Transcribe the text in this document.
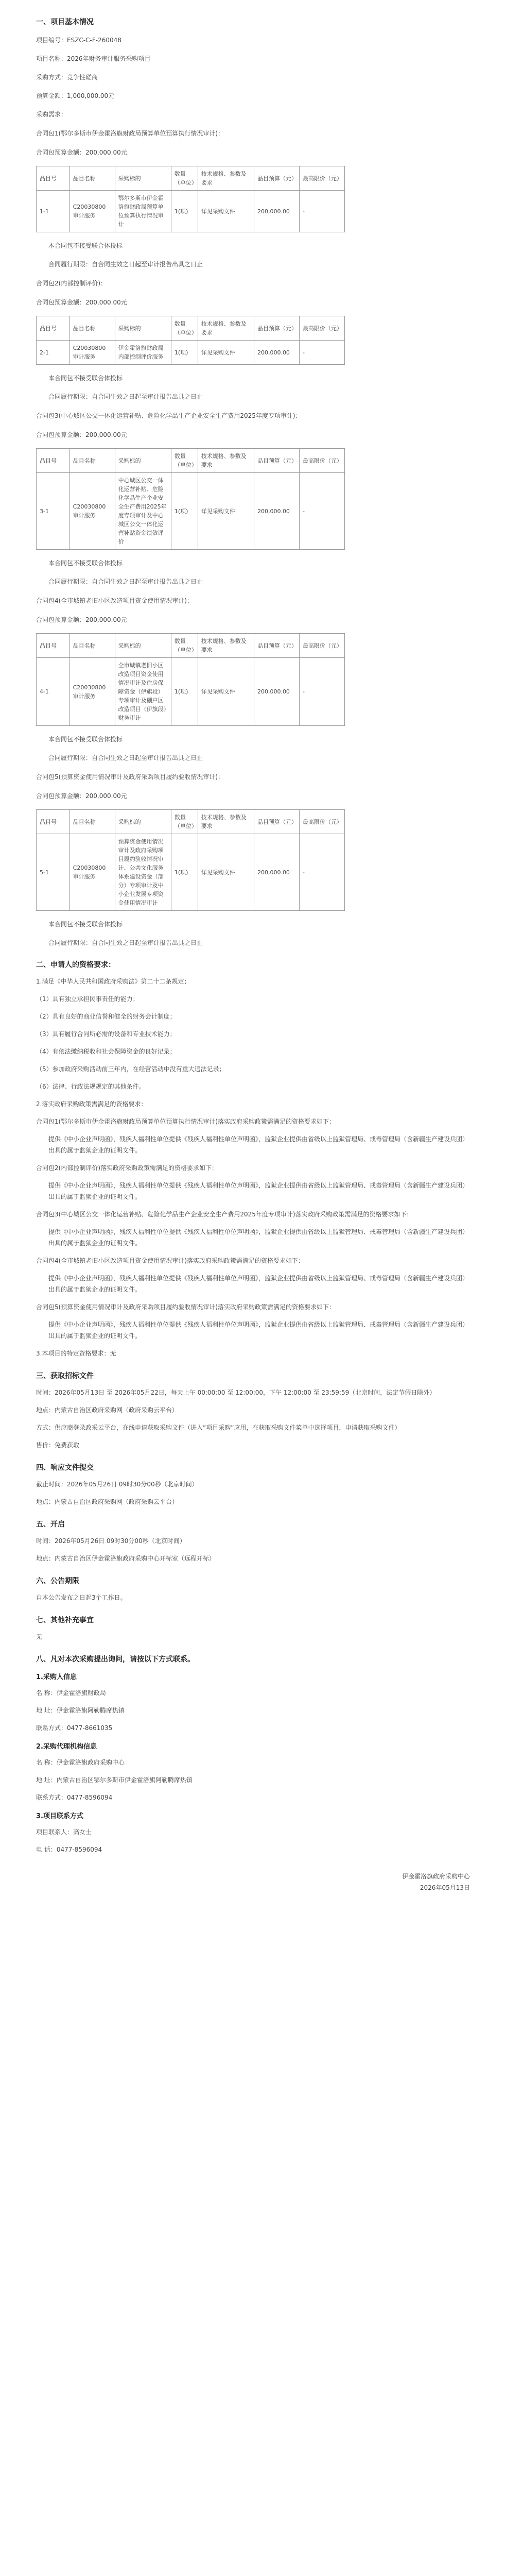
一、项目基本情况
项目编号：ESZC-C-F-260048
项目名称：2026年财务审计服务采购项目
采购方式：竞争性磋商
预算金额：1,000,000.00元
采购需求：
合同包1(鄂尔多斯市伊金霍洛旗财政局预算单位预算执行情况审计)：
合同包预算金额：200,000.00元
品目号	品目名称	采购标的	数量（单位）	技术规格、参数及要求	品目预算（元）	最高限价（元）
1-1	C20030800 审计服务	鄂尔多斯市伊金霍洛旗财政局预算单位预算执行情况审计	1(项)	详见采购文件	200,000.00	-
本合同包不接受联合体投标
合同履行期限：自合同生效之日起至审计报告出具之日止
合同包2(内部控制评价)：
合同包预算金额：200,000.00元
品目号	品目名称	采购标的	数量（单位）	技术规格、参数及要求	品目预算（元）	最高限价（元）
2-1	C20030800 审计服务	伊金霍洛旗财政局内部控制评价服务	1(项)	详见采购文件	200,000.00	-
本合同包不接受联合体投标
合同履行期限：自合同生效之日起至审计报告出具之日止
合同包3(中心城区公交一体化运营补贴、危险化学品生产企业安全生产费用2025年度专项审计)：
合同包预算金额：200,000.00元
品目号	品目名称	采购标的	数量（单位）	技术规格、参数及要求	品目预算（元）	最高限价（元）
3-1	C20030800 审计服务	中心城区公交一体化运营补贴、危险化学品生产企业安全生产费用2025年度专项审计及中心城区公交一体化运营补贴资金绩效评价	1(项)	详见采购文件	200,000.00	-
本合同包不接受联合体投标
合同履行期限：自合同生效之日起至审计报告出具之日止
合同包4(全市城镇老旧小区改造项目资金使用情况审计)：
合同包预算金额：200,000.00元
品目号	品目名称	采购标的	数量（单位）	技术规格、参数及要求	品目预算（元）	最高限价（元）
4-1	C20030800 审计服务	全市城镇老旧小区改造项目资金使用情况审计及住房保障资金（伊旗段）专项审计及棚户区改造项目（伊旗段）财务审计	1(项)	详见采购文件	200,000.00	-
本合同包不接受联合体投标
合同履行期限：自合同生效之日起至审计报告出具之日止
合同包5(预算资金使用情况审计及政府采购项目履约验收情况审计)：
合同包预算金额：200,000.00元
品目号	品目名称	采购标的	数量（单位）	技术规格、参数及要求	品目预算（元）	最高限价（元）
5-1	C20030800 审计服务	预算资金使用情况审计及政府采购项目履约验收情况审计、公共文化服务体系建设资金（部分）专项审计及中小企业发展专项资金使用情况审计	1(项)	详见采购文件	200,000.00	-
本合同包不接受联合体投标
合同履行期限：自合同生效之日起至审计报告出具之日止
二、申请人的资格要求：
1.满足《中华人民共和国政府采购法》第二十二条规定；
（1）具有独立承担民事责任的能力；
（2）具有良好的商业信誉和健全的财务会计制度；
（3）具有履行合同所必需的设备和专业技术能力；
（4）有依法缴纳税收和社会保障资金的良好记录；
（5）参加政府采购活动前三年内，在经营活动中没有重大违法记录；
（6）法律、行政法规规定的其他条件。
2.落实政府采购政策需满足的资格要求：
合同包1(鄂尔多斯市伊金霍洛旗财政局预算单位预算执行情况审计)落实政府采购政策需满足的资格要求如下：
提供《中小企业声明函》，残疾人福利性单位提供《残疾人福利性单位声明函》，监狱企业提供由省级以上监狱管理局、戒毒管理局（含新疆生产建设兵团）出具的属于监狱企业的证明文件。
合同包2(内部控制评价)落实政府采购政策需满足的资格要求如下：
提供《中小企业声明函》，残疾人福利性单位提供《残疾人福利性单位声明函》，监狱企业提供由省级以上监狱管理局、戒毒管理局（含新疆生产建设兵团）出具的属于监狱企业的证明文件。
合同包3(中心城区公交一体化运营补贴、危险化学品生产企业安全生产费用2025年度专项审计)落实政府采购政策需满足的资格要求如下：
提供《中小企业声明函》，残疾人福利性单位提供《残疾人福利性单位声明函》，监狱企业提供由省级以上监狱管理局、戒毒管理局（含新疆生产建设兵团）出具的属于监狱企业的证明文件。
合同包4(全市城镇老旧小区改造项目资金使用情况审计)落实政府采购政策需满足的资格要求如下：
提供《中小企业声明函》，残疾人福利性单位提供《残疾人福利性单位声明函》，监狱企业提供由省级以上监狱管理局、戒毒管理局（含新疆生产建设兵团）出具的属于监狱企业的证明文件。
合同包5(预算资金使用情况审计及政府采购项目履约验收情况审计)落实政府采购政策需满足的资格要求如下：
提供《中小企业声明函》，残疾人福利性单位提供《残疾人福利性单位声明函》，监狱企业提供由省级以上监狱管理局、戒毒管理局（含新疆生产建设兵团）出具的属于监狱企业的证明文件。
3.本项目的特定资格要求：无
三、获取招标文件
时间：2026年05月13日 至 2026年05月22日，每天上午 00:00:00 至 12:00:00，下午 12:00:00 至 23:59:59（北京时间，法定节假日除外）
地点：内蒙古自治区政府采购网（政府采购云平台）
方式：供应商登录政采云平台，在线申请获取采购文件（进入“项目采购”应用，在获取采购文件菜单中选择项目，申请获取采购文件）
售价：免费获取
四、响应文件提交
截止时间：2026年05月26日 09时30分00秒（北京时间）
地点：内蒙古自治区政府采购网（政府采购云平台）
五、开启
时间：2026年05月26日 09时30分00秒（北京时间）
地点：内蒙古自治区伊金霍洛旗政府采购中心开标室（远程开标）
六、公告期限
自本公告发布之日起3个工作日。
七、其他补充事宜
无
八、凡对本次采购提出询问，请按以下方式联系。
1.采购人信息
名 称：伊金霍洛旗财政局
地 址：伊金霍洛旗阿勒腾席热镇
联系方式：0477-8661035
2.采购代理机构信息
名 称：伊金霍洛旗政府采购中心
地 址：内蒙古自治区鄂尔多斯市伊金霍洛旗阿勒腾席热镇
联系方式：0477-8596094
3.项目联系方式
项目联系人：高女士
电 话：0477-8596094
伊金霍洛旗政府采购中心
2026年05月13日
